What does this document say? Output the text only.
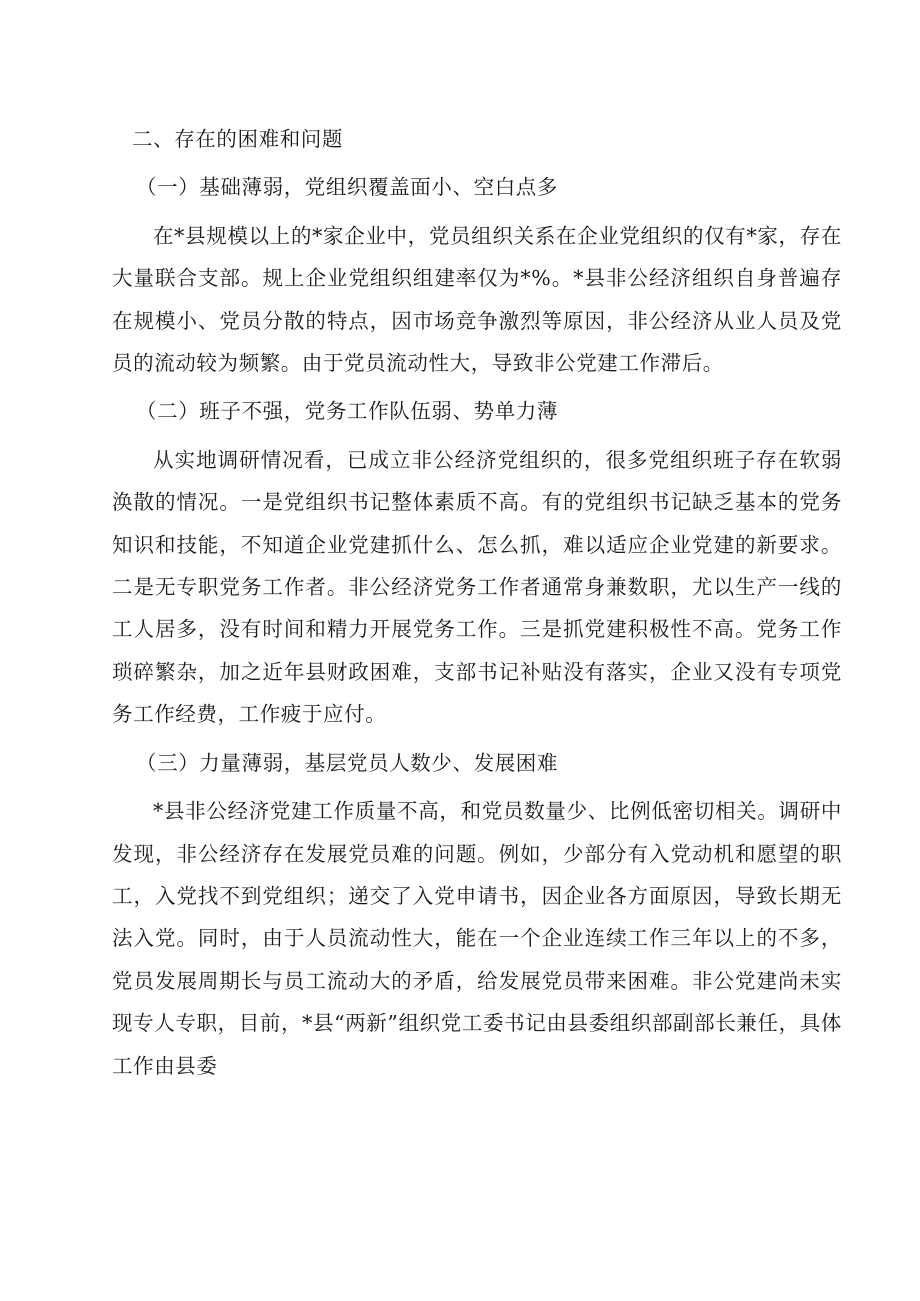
二、存在的困难和问题

（一）基础薄弱，党组织覆盖面小、空白点多

在*县规模以上的*家企业中，党员组织关系在企业党组织的仅有*家，存在大量联合支部。规上企业党组织组建率仅为*%。*县非公经济组织自身普遍存在规模小、党员分散的特点，因市场竞争激烈等原因，非公经济从业人员及党员的流动较为频繁。由于党员流动性大，导致非公党建工作滞后。

（二）班子不强，党务工作队伍弱、势单力薄

从实地调研情况看，已成立非公经济党组织的，很多党组织班子存在软弱涣散的情况。一是党组织书记整体素质不高。有的党组织书记缺乏基本的党务知识和技能，不知道企业党建抓什么、怎么抓，难以适应企业党建的新要求。二是无专职党务工作者。非公经济党务工作者通常身兼数职，尤以生产一线的工人居多，没有时间和精力开展党务工作。三是抓党建积极性不高。党务工作琐碎繁杂，加之近年县财政困难，支部书记补贴没有落实，企业又没有专项党务工作经费，工作疲于应付。

（三）力量薄弱，基层党员人数少、发展困难

*县非公经济党建工作质量不高，和党员数量少、比例低密切相关。调研中发现，非公经济存在发展党员难的问题。例如，少部分有入党动机和愿望的职工，入党找不到党组织；递交了入党申请书，因企业各方面原因，导致长期无法入党。同时，由于人员流动性大，能在一个企业连续工作三年以上的不多，党员发展周期长与员工流动大的矛盾，给发展党员带来困难。非公党建尚未实现专人专职，目前，*县“两新”组织党工委书记由县委组织部副部长兼任，具体工作由县委
